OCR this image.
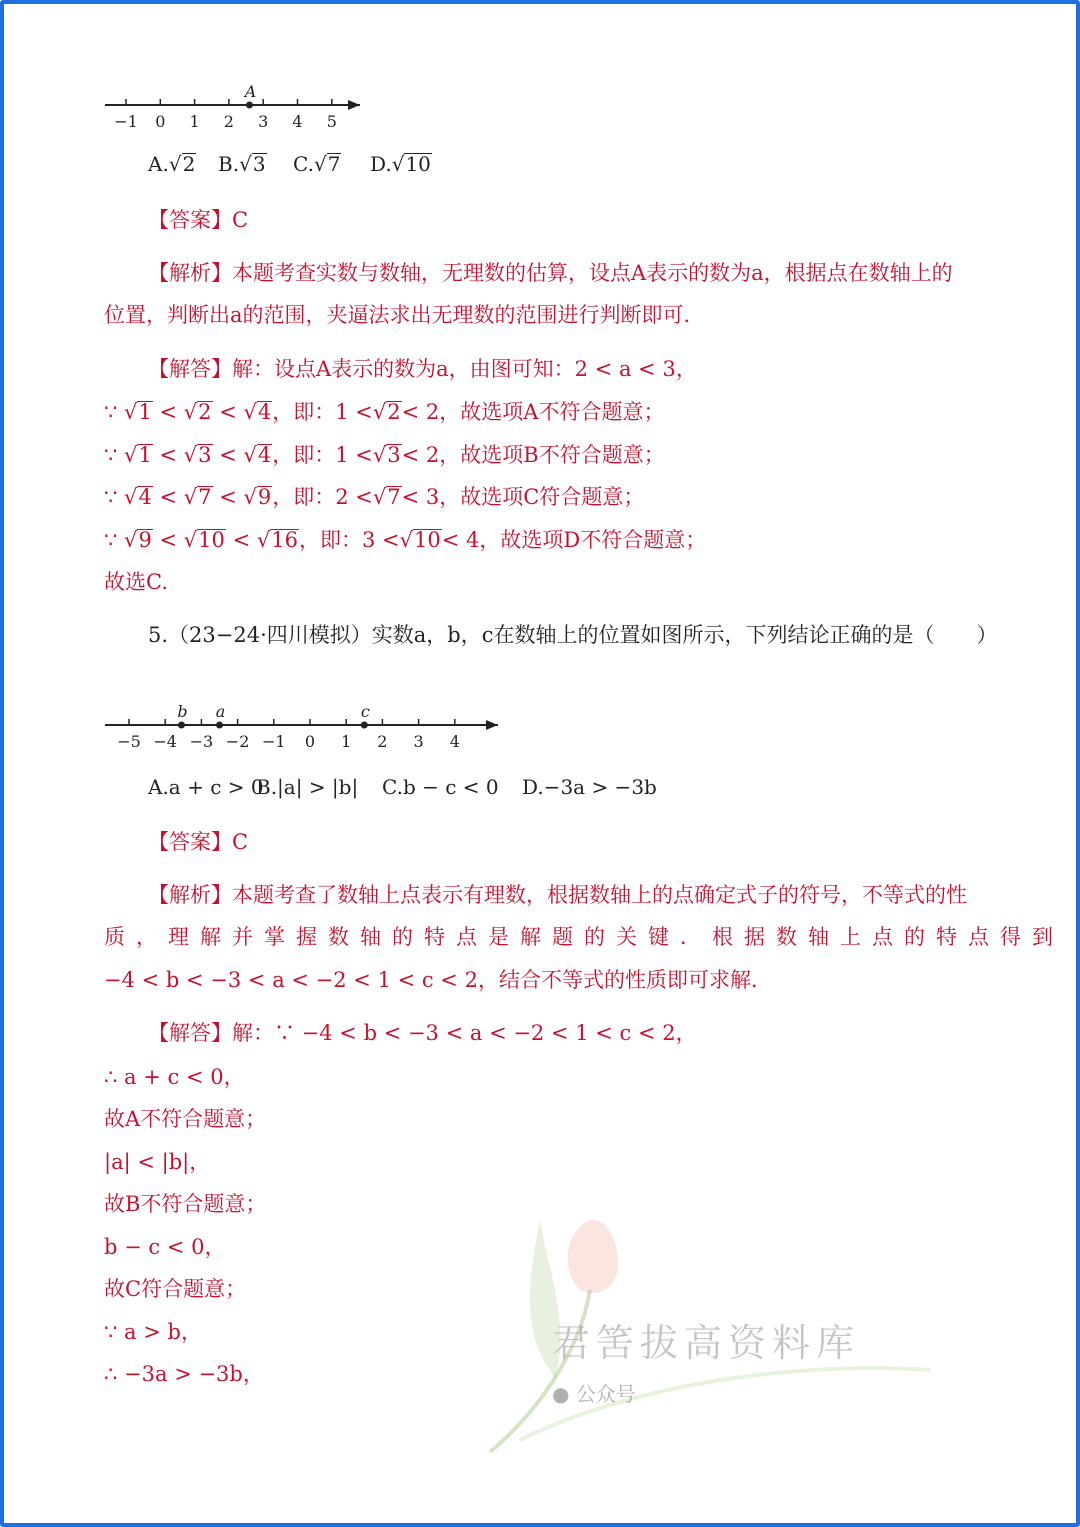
−1 0 1 2 3 4 5
A
A.√2 B.√3 C.√7 D.√10
【答案】C
【解析】本题考查实数与数轴，无理数的估算，设点A表示的数为a，根据点在数轴上的
位置，判断出a的范围，夹逼法求出无理数的范围进行判断即可．
【解答】解：设点A表示的数为a，由图可知：2 < a < 3，
∵ √1 < √2 < √4，即：1 <√2< 2，故选项A不符合题意；
∵ √1 < √3 < √4，即：1 <√3< 2，故选项B不符合题意；
∵ √4 < √7 < √9，即：2 <√7< 3，故选项C符合题意；
∵ √9 < √10 < √16，即：3 <√10< 4，故选项D不符合题意；
故选C.
5.（23−24·四川模拟）实数a，b，c在数轴上的位置如图所示，下列结论正确的是（　　）
−5 −4 −3 −2 −1 0 1 2 3 4
b a	c
A.a + c > 0
B.|a| > |b| C.b − c < 0 D.−3a > −3b
【答案】C
【解析】本题考查了数轴上点表示有理数，根据数轴上的点确定式子的符号，不等式的性
质，理解并掌握数轴的特点是解题的关键．根据数轴上点的特点得到
−4 < b < −3 < a < −2 < 1 < c < 2，结合不等式的性质即可求解．
【解答】解：∵ −4 < b < −3 < a < −2 < 1 < c < 2，
∴ a + c < 0，
故A不符合题意；
|a| < |b|，
故B不符合题意；
b − c < 0，
故C符合题意；
∵ a > b，
∴ −3a > −3b，
君筈拔高资料库
● 公众号
